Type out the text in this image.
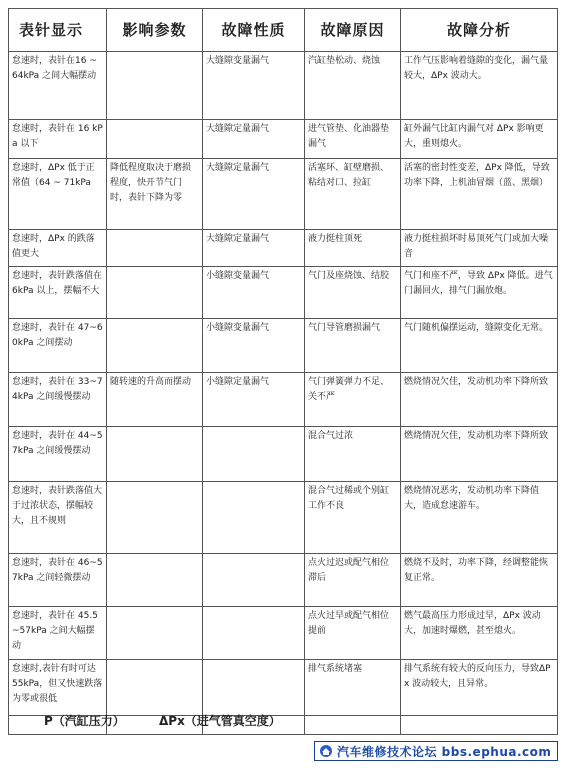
表针显示	影响参数	故障性质	故障原因	故障分析
怠速时，表针在16 ~ 64kPa 之间大幅摆动		大缝隙变量漏气	汽缸垫松动、烧蚀	工作气压影响着缝隙的变化，漏气量较大，ΔPx 波动大。
怠速时，表针在 16 kPa 以下		大缝隙定量漏气	进气管垫、化油器垫漏气	缸外漏气比缸内漏气对 ΔPx 影响更大，重则熄火。
怠速时，ΔPx 低于正常值（64 ~ 71kPa	降低程度取决于磨损程度，快开节气门时，表针下降为零	大缝隙定量漏气	活塞环、缸壁磨损、粘结对口、拉缸	活塞的密封性变差，ΔPx 降低，导致功率下降，上机油冒烟（蓝、黑烟）
怠速时，ΔPx 的跌落值更大		大缝隙定量漏气	液力挺柱顶死	液力挺柱损坏时易顶死气门或加大噪音
怠速时，表针跌落值在 6kPa 以上，摆幅不大		小缝隙变量漏气	气门及座烧蚀、结胶	气门和座不严，导致 ΔPx 降低。进气门漏回火，排气门漏放炮。
怠速时，表针在 47~60kPa 之间摆动		小缝隙变量漏气	气门导管磨损漏气	气门随机偏摆运动，缝隙变化无常。
怠速时，表针在 33~74kPa 之间缓慢摆动	随转速的升高而摆动	小缝隙定量漏气	气门弹簧弹力不足、关不严	燃烧情况欠佳，发动机功率下降所致
怠速时，表针在 44~57kPa 之间缓慢摆动			混合气过浓	燃烧情况欠佳，发动机功率下降所致
怠速时，表针跌落值大于过浓状态，摆幅较大，且不规则			混合气过稀或个别缸工作不良	燃烧情况恶劣，发动机功率下降值大，造成怠速游车。
怠速时，表针在 46~57kPa 之间轻微摆动			点火过迟或配气相位滞后	燃烧不及时，功率下降，经调整能恢复正常。
怠速时，表针在 45.5~57kPa 之间大幅摆动			点火过早或配气相位提前	燃气最高压力形成过早，ΔPx 波动大，加速时爆燃，甚至熄火。
怠速时,表针有时可达 55kPa，但又快速跌落为零或很低			排气系统堵塞	排气系统有较大的反向压力，导致ΔPx 波动较大，且异常。

P（汽缸压力）	ΔPx（进气管真空度）
汽车维修技术论坛 bbs.ephua.com
